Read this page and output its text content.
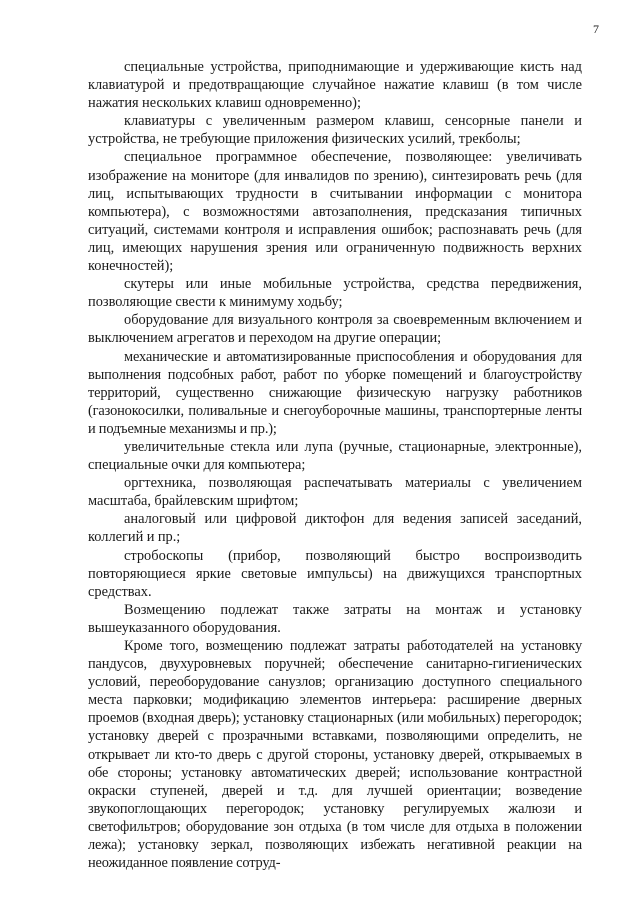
7

специальные устройства, приподнимающие и удерживающие кисть над клавиатурой и предотвращающие случайное нажатие клавиш (в том числе нажатия нескольких клавиш одновременно);

клавиатуры с увеличенным размером клавиш, сенсорные панели и устройства, не требующие приложения физических усилий, трекболы;

специальное программное обеспечение, позволяющее: увеличивать изображение на мониторе (для инвалидов по зрению), синтезировать речь (для лиц, испытывающих трудности в считывании информации с монитора компьютера), с возможностями автозаполнения, предсказания типичных ситуаций, системами контроля и исправления ошибок; распознавать речь (для лиц, имеющих нарушения зрения или ограниченную подвижность верхних конечностей);

скутеры или иные мобильные устройства, средства передвижения, позволяющие свести к минимуму ходьбу;

оборудование для визуального контроля за своевременным включением и выключением агрегатов и переходом на другие операции;

механические и автоматизированные приспособления и оборудования для выполнения подсобных работ, работ по уборке помещений и благоустройству территорий, существенно снижающие физическую нагрузку работников (газонокосилки, поливальные и снегоуборочные машины, транспортерные ленты и подъемные механизмы и пр.);

увеличительные стекла или лупа (ручные, стационарные, электронные), специальные очки для компьютера;

оргтехника, позволяющая распечатывать материалы с увеличением масштаба, брайлевским шрифтом;

аналоговый или цифровой диктофон для ведения записей заседаний, коллегий и пр.;

стробоскопы (прибор, позволяющий быстро воспроизводить повторяющиеся яркие световые импульсы) на движущихся транспортных средствах.

Возмещению подлежат также затраты на монтаж и установку вышеуказанного оборудования.

Кроме того, возмещению подлежат затраты работодателей на установку пандусов, двухуровневых поручней; обеспечение санитарно-гигиенических условий, переоборудование санузлов; организацию доступного специального места парковки; модификацию элементов интерьера: расширение дверных проемов (входная дверь); установку стационарных (или мобильных) перегородок; установку дверей с прозрачными вставками, позволяющими определить, не открывает ли кто-то дверь с другой стороны, установку дверей, открываемых в обе стороны; установку автоматических дверей; использование контрастной окраски ступеней, дверей и т.д. для лучшей ориентации; возведение звукопоглощающих перегородок; установку регулируемых жалюзи и светофильтров; оборудование зон отдыха (в том числе для отдыха в положении лежа); установку зеркал, позволяющих избежать негативной реакции на неожиданное появление сотруд-
